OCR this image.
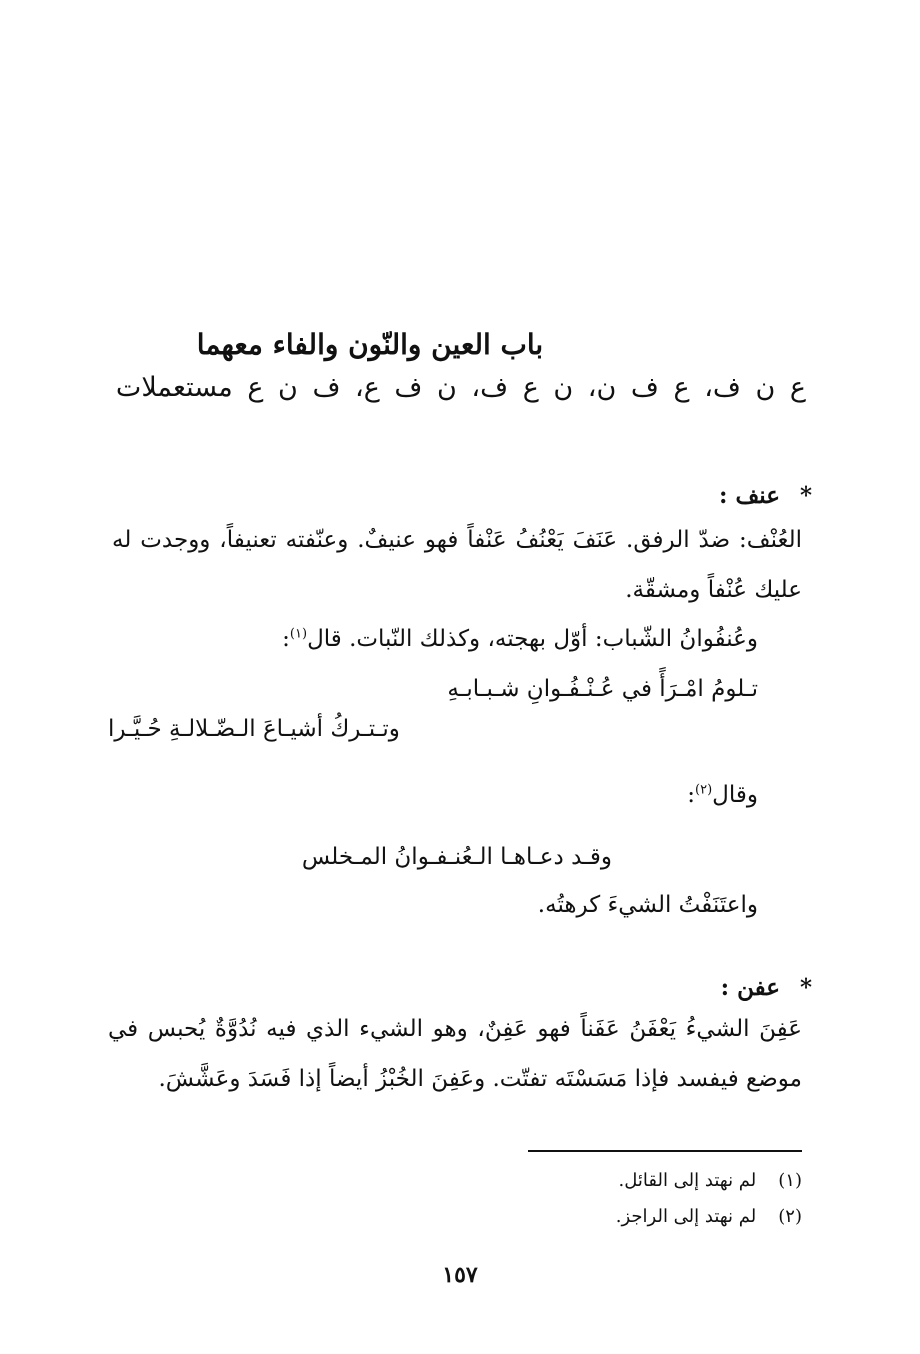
باب العين والنّون والفاء معهما
ع ن ف، ع ف ن، ن ع ف، ن ف ع، ف ن ع مستعملات
*عنف :
العُنْف: ضدّ الرفق. عَنَفَ يَعْنُفُ عَنْفاً فهو عنيفٌ. وعنّفته تعنيفاً، ووجدت له عليك عُنْفاً ومشقّة.
وعُنفُوانُ الشّباب: أوّل بهجته، وكذلك النّبات. قال$^{(١)}$:
تـلومُ امْـرَأً في عُـنْـفُـوانِ شـبـابـهِ
وتـتـركُ أشيـاعَ الـضّـلالـةِ حُـيَّـرا
وقال$^{(٢)}$:
وقـد دعـاهـا الـعُنـفـوانُ المـخلس
واعتَنَفْتُ الشيءَ كرهتُه.
*عفن :
عَفِنَ الشيءُ يَعْفَنُ عَفَناً فهو عَفِنٌ، وهو الشيء الذي فيه نُدُوَّةٌ يُحبس في موضع فيفسد فإذا مَسَسْتَه تفتّت. وعَفِنَ الخُبْزُ أيضاً إذا فَسَدَ وعَشَّشَ.
(١)لم نهتد إلى القائل.
(٢)لم نهتد إلى الراجز.
١٥٧
